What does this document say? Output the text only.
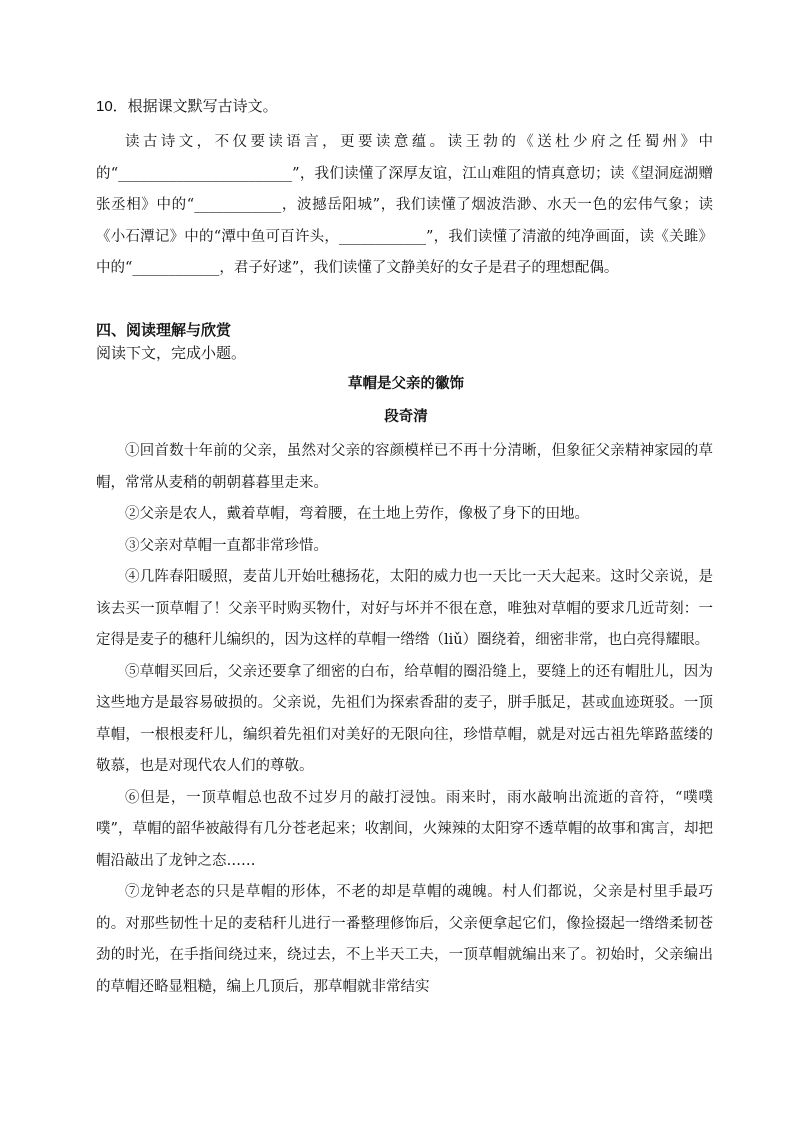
10．根据课文默写古诗文。

读古诗文，不仅要读语言，更要读意蕴。读王勃的《送杜少府之任蜀州》中的“________________________”，我们读懂了深厚友谊，江山难阻的情真意切；读《望洞庭湖赠张丞相》中的“____________，波撼岳阳城”，我们读懂了烟波浩渺、水天一色的宏伟气象；读《小石潭记》中的“潭中鱼可百许头，____________”，我们读懂了清澈的纯净画面，读《关雎》中的“____________，君子好逑”，我们读懂了文静美好的女子是君子的理想配偶。

四、阅读理解与欣赏
阅读下文，完成小题。
草帽是父亲的徽饰
段奇清

①回首数十年前的父亲，虽然对父亲的容颜模样已不再十分清晰，但象征父亲精神家园的草帽，常常从麦稍的朝朝暮暮里走来。

②父亲是农人，戴着草帽，弯着腰，在土地上劳作，像极了身下的田地。

③父亲对草帽一直都非常珍惜。

④几阵春阳暖照，麦苗儿开始吐穗扬花，太阳的威力也一天比一天大起来。这时父亲说，是该去买一顶草帽了！父亲平时购买物什，对好与坏并不很在意，唯独对草帽的要求几近苛刻：一定得是麦子的穗秆儿编织的，因为这样的草帽一绺绺（liǔ）圈绕着，细密非常，也白亮得耀眼。

⑤草帽买回后，父亲还要拿了细密的白布，给草帽的圈沿缝上，要缝上的还有帽肚儿，因为这些地方是最容易破损的。父亲说，先祖们为探索香甜的麦子，胼手胝足，甚或血迹斑驳。一顶草帽，一根根麦秆儿，编织着先祖们对美好的无限向往，珍惜草帽，就是对远古祖先筚路蓝缕的敬慕，也是对现代农人们的尊敬。

⑥但是，一顶草帽总也敌不过岁月的敲打浸蚀。雨来时，雨水敲响出流逝的音符，“噗噗噗”，草帽的韶华被敲得有几分苍老起来；收割间，火辣辣的太阳穿不透草帽的故事和寓言，却把帽沿敲出了龙钟之态……

⑦龙钟老态的只是草帽的形体，不老的却是草帽的魂魄。村人们都说，父亲是村里手最巧的。对那些韧性十足的麦秸秆儿进行一番整理修饰后，父亲便拿起它们，像捡掇起一绺绺柔韧苍劲的时光，在手指间绕过来，绕过去，不上半天工夫，一顶草帽就编出来了。初始时，父亲编出的草帽还略显粗糙，编上几顶后，那草帽就非常结实
